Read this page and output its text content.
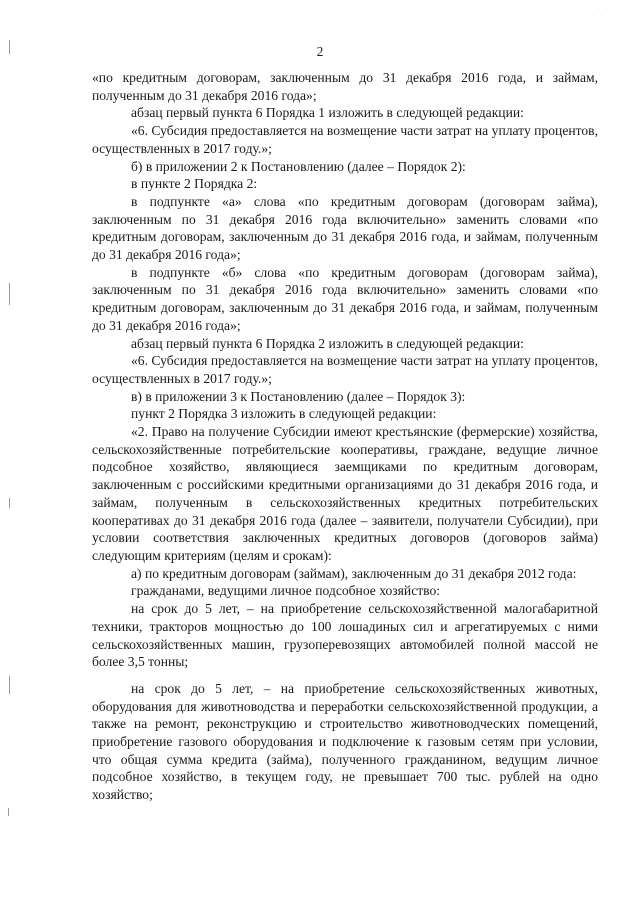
· · ·
2

«по кредитным договорам, заключенным до 31 декабря 2016 года, и займам, полученным до 31 декабря 2016 года»;

абзац первый пункта 6 Порядка 1 изложить в следующей редакции:

«6. Субсидия предоставляется на возмещение части затрат на уплату процентов, осуществленных в 2017 году.»;

б) в приложении 2 к Постановлению (далее – Порядок 2):

в пункте 2 Порядка 2:

в подпункте «а» слова «по кредитным договорам (договорам займа), заключенным по 31 декабря 2016 года включительно» заменить словами «по кредитным договорам, заключенным до 31 декабря 2016 года, и займам, полученным до 31 декабря 2016 года»;

в подпункте «б» слова «по кредитным договорам (договорам займа), заключенным по 31 декабря 2016 года включительно» заменить словами «по кредитным договорам, заключенным до 31 декабря 2016 года, и займам, полученным до 31 декабря 2016 года»;

абзац первый пункта 6 Порядка 2 изложить в следующей редакции:

«6. Субсидия предоставляется на возмещение части затрат на уплату процентов, осуществленных в 2017 году.»;

в) в приложении 3 к Постановлению (далее – Порядок 3):

пункт 2 Порядка 3 изложить в следующей редакции:

«2. Право на получение Субсидии имеют крестьянские (фермерские) хозяйства, сельскохозяйственные потребительские кооперативы, граждане, ведущие личное подсобное хозяйство, являющиеся заемщиками по кредитным договорам, заключенным с российскими кредитными организациями до 31 декабря 2016 года, и займам, полученным в сельскохозяйственных кредитных потребительских кооперативах до 31 декабря 2016 года (далее – заявители, получатели Субсидии), при условии соответствия заключенных кредитных договоров (договоров займа) следующим критериям (целям и срокам):

а) по кредитным договорам (займам), заключенным до 31 декабря 2012 года:

гражданами, ведущими личное подсобное хозяйство:

на срок до 5 лет, – на приобретение сельскохозяйственной малогабаритной техники, тракторов мощностью до 100 лошадиных сил и агрегатируемых с ними сельскохозяйственных машин, грузоперевозящих автомобилей полной массой не более 3,5 тонны;

на срок до 5 лет, – на приобретение сельскохозяйственных животных, оборудования для животноводства и переработки сельскохозяйственной продукции, а также на ремонт, реконструкцию и строительство животноводческих помещений, приобретение газового оборудования и подключение к газовым сетям при условии, что общая сумма кредита (займа), полученного гражданином, ведущим личное подсобное хозяйство, в текущем году, не превышает 700 тыс. рублей на одно хозяйство;
